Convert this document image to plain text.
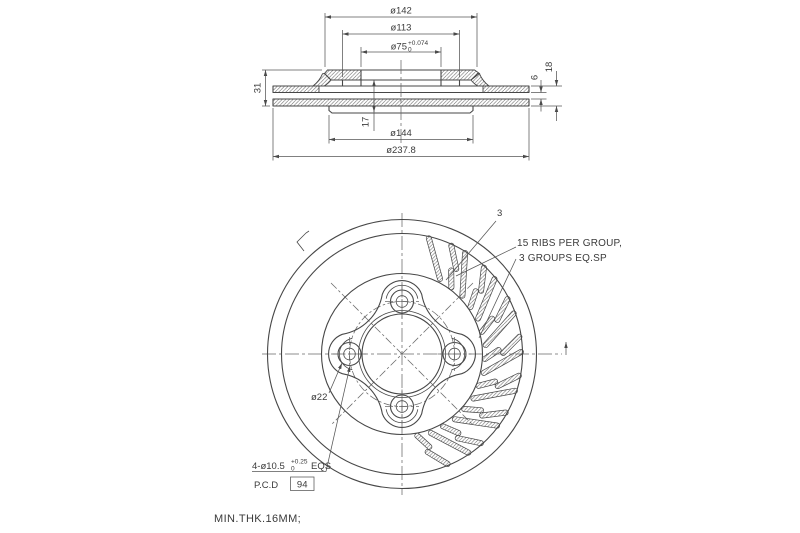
ø142
ø113
ø75 +0.074
0
31
17
ø144
ø237.8
6
18
3
15 RIBS PER GROUP,
3 GROUPS EQ.SP
ø22
4-ø10.5 +0.25
0 EQS
P.C.D 94
MIN.THK.16MM;
